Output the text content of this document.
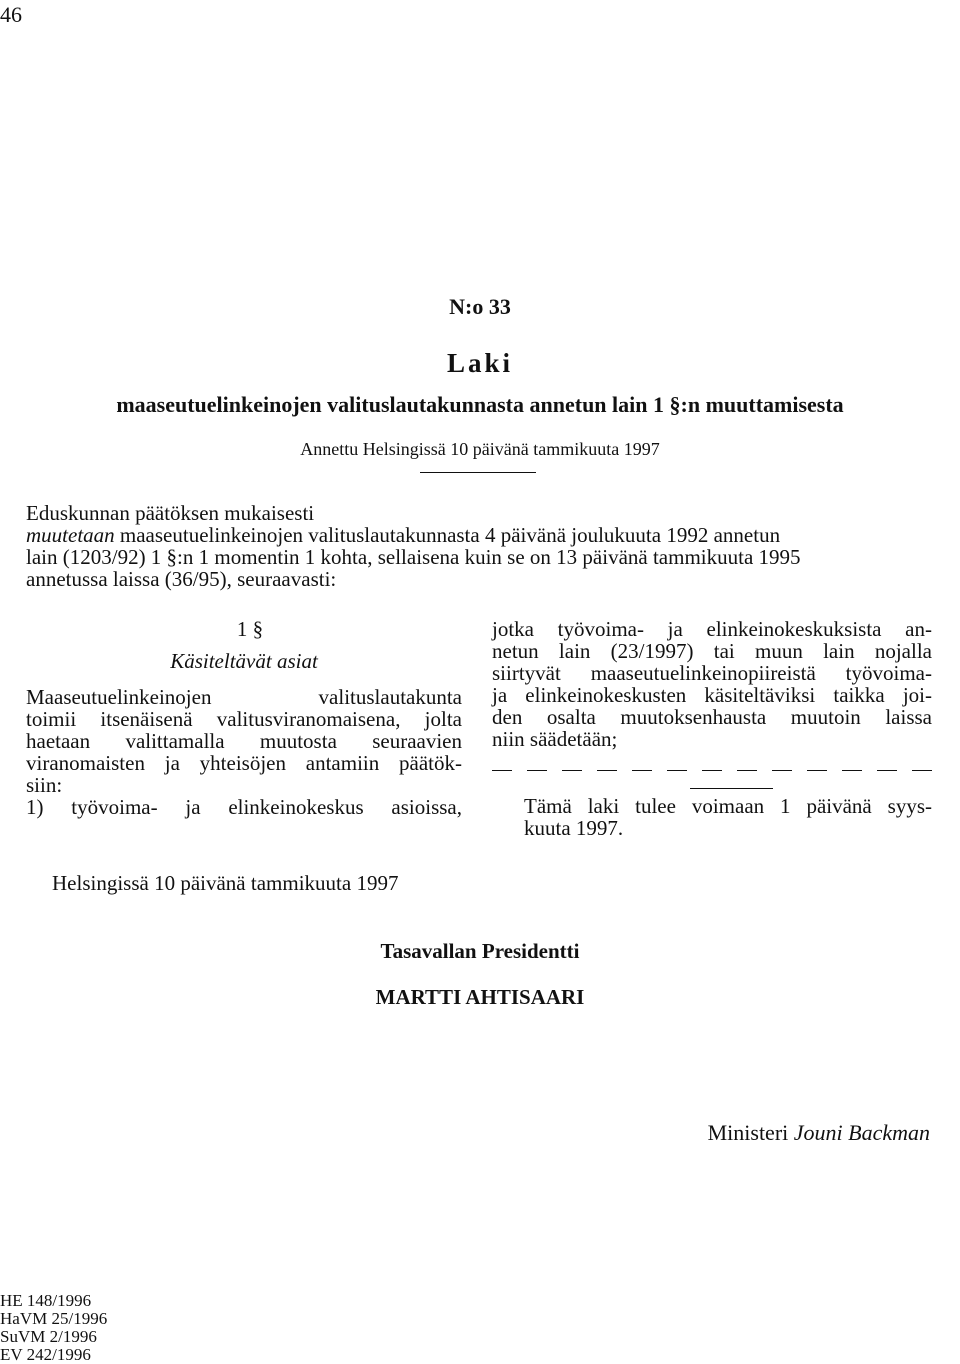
46
N:o 33
Laki
maaseutuelinkeinojen valituslautakunnasta annetun lain 1 §:n muuttamisesta
Annettu Helsingissä 10 päivänä tammikuuta 1997
Eduskunnan päätöksen mukaisesti
muutetaan maaseutuelinkeinojen valituslautakunnasta 4 päivänä joulukuuta 1992 annetun
lain (1203/92) 1 §:n 1 momentin 1 kohta, sellaisena kuin se on 13 päivänä tammikuuta 1995
annetussa laissa (36/95), seuraavasti:
1 §
Käsiteltävät asiat
Maaseutuelinkeinojen valituslautakunta
toimii itsenäisenä valitusviranomaisena, jolta
haetaan valittamalla muutosta seuraavien
viranomaisten ja yhteisöjen antamiin päätök-
siin:
1) työvoima- ja elinkeinokeskus asioissa,
jotka työvoima- ja elinkeinokeskuksista an-
netun lain (23/1997) tai muun lain nojalla
siirtyvät maaseutuelinkeinopiireistä työvoima-
ja elinkeinokeskusten käsiteltäviksi taikka joi-
den osalta muutoksenhausta muutoin laissa
niin säädetään;
Tämä laki tulee voimaan 1 päivänä syys-
kuuta 1997.
Helsingissä 10 päivänä tammikuuta 1997
Tasavallan Presidentti
MARTTI AHTISAARI
Ministeri Jouni Backman
HE 148/1996
HaVM 25/1996
SuVM 2/1996
EV 242/1996
